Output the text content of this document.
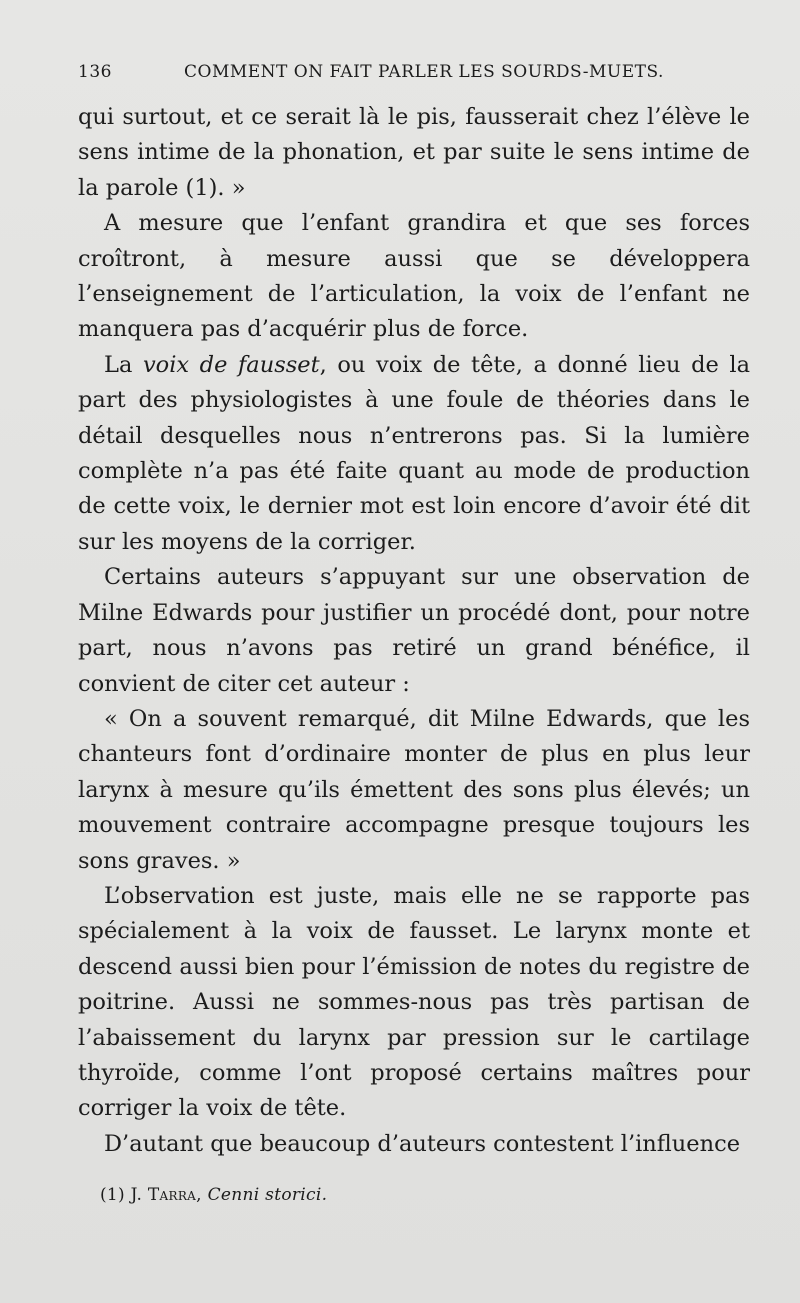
136	COMMENT ON FAIT PARLER LES SOURDS-MUETS.

qui surtout, et ce serait là le pis, fausserait chez l’élève le sens intime de la phonation, et par suite le sens intime de la parole (1). »

A mesure que l’enfant grandira et que ses forces croîtront, à mesure aussi que se développera l’enseignement de l’articulation, la voix de l’enfant ne manquera pas d’acquérir plus de force.

La voix de fausset, ou voix de tête, a donné lieu de la part des physiologistes à une foule de théories dans le détail desquelles nous n’entrerons pas. Si la lumière complète n’a pas été faite quant au mode de production de cette voix, le dernier mot est loin encore d’avoir été dit sur les moyens de la corriger.

Certains auteurs s’appuyant sur une observation de Milne Edwards pour justifier un procédé dont, pour notre part, nous n’avons pas retiré un grand bénéfice, il convient de citer cet auteur :

« On a souvent remarqué, dit Milne Edwards, que les chanteurs font d’ordinaire monter de plus en plus leur larynx à mesure qu’ils émettent des sons plus élevés; un mouvement contraire accompagne presque toujours les sons graves. »

L’observation est juste, mais elle ne se rapporte pas spécialement à la voix de fausset. Le larynx monte et descend aussi bien pour l’émission de notes du registre de poitrine. Aussi ne sommes-nous pas très partisan de l’abaissement du larynx par pression sur le cartilage thyroïde, comme l’ont proposé certains maîtres pour corriger la voix de tête.

D’autant que beaucoup d’auteurs contestent l’influence

(1) J. Tarra, Cenni storici.
